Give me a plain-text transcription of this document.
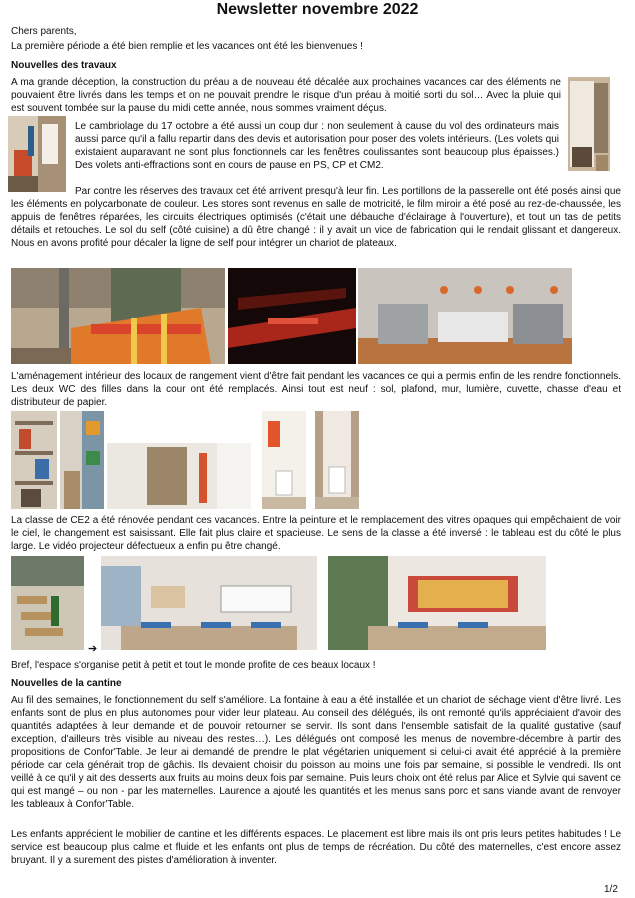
Newsletter novembre 2022
Chers parents,
La première période a été bien remplie et les vacances ont été les bienvenues !
Nouvelles des travaux
A ma grande déception, la construction du préau a de nouveau été décalée aux prochaines vacances car des éléments ne pouvaient être livrés dans les temps et on ne pouvait prendre le risque d'un préau à moitié sorti du sol… Avec la pluie qui est souvent tombée sur la pause du midi cette année, nous sommes vraiment déçus.
Le cambriolage du 17 octobre a été aussi un coup dur : non seulement à cause du vol des ordinateurs mais aussi parce qu'il a fallu repartir dans des devis et autorisation pour poser des volets intérieurs. (Les volets qui existaient auparavant ne sont plus fonctionnels car les fenêtres coulissantes sont beaucoup plus épaisses.) Des volets anti-effractions sont en cours de pause en PS, CP et CM2.
Par contre les réserves des travaux cet été arrivent presqu'à leur fin. Les portillons de la passerelle ont été posés ainsi que les éléments en polycarbonate de couleur. Les stores sont revenus en salle de motricité, le film miroir a été posé au rez-de-chaussée, les appuis de fenêtres réparées, les circuits électriques optimisés (c'était une débauche d'éclairage à l'ouverture), et tout un tas de petits détails et retouches. Le sol du self (côté cuisine) a dû être changé : il y avait un vice de fabrication qui le rendait glissant et dangereux. Nous en avons profité pour décaler la ligne de self pour intégrer un chariot de plateaux.
L'aménagement intérieur des locaux de rangement vient d'être fait pendant les vacances ce qui a permis enfin de les rendre fonctionnels. Les deux WC des filles dans la cour ont été remplacés. Ainsi tout est neuf : sol, plafond, mur, lumière, cuvette, chasse d'eau et distributeur de papier.
La classe de CE2 a été rénovée pendant ces vacances. Entre la peinture et le remplacement des vitres opaques qui empêchaient de voir le ciel, le changement est saisissant. Elle fait plus claire et spacieuse. Le sens de la classe a été inversé : le tableau est du côté le plus large. Le vidéo projecteur défectueux a enfin pu être changé.
➔
Bref, l'espace s'organise petit à petit et tout le monde profite de ces beaux locaux !
Nouvelles de la cantine
Au fil des semaines, le fonctionnement du self s'améliore. La fontaine à eau a été installée et un chariot de séchage vient d'être livré. Les enfants sont de plus en plus autonomes pour vider leur plateau. Au conseil des délégués, ils ont remonté qu'ils appréciaient d'avoir des quantités adaptées à leur demande et de pouvoir retourner se servir. Ils sont dans l'ensemble satisfait de la qualité gustative (sauf exception, d'ailleurs très visible au niveau des restes…). Les délégués ont composé les menus de novembre-décembre à partir des propositions de Confor'Table. Je leur ai demandé de prendre le plat végétarien uniquement si celui-ci avait été apprécié à la première période car cela générait trop de gâchis. Ils devaient choisir du poisson au moins une fois par semaine, si possible le vendredi. Ils ont veillé à ce qu'il y ait des desserts aux fruits au moins deux fois par semaine. Puis leurs choix ont été relus par Alice et Sylvie qui savent ce qui est mangé – ou non - par les maternelles. Laurence a ajouté les quantités et les menus sans porc et sans viande avant de renvoyer les tableaux à Confor'Table.
Les enfants apprécient le mobilier de cantine et les différents espaces. Le placement est libre mais ils ont pris leurs petites habitudes ! Le service est beaucoup plus calme et fluide et les enfants ont plus de temps de récréation. Du côté des maternelles, c'est encore assez bruyant. Il y a surement des pistes d'amélioration à inventer.
1/2
